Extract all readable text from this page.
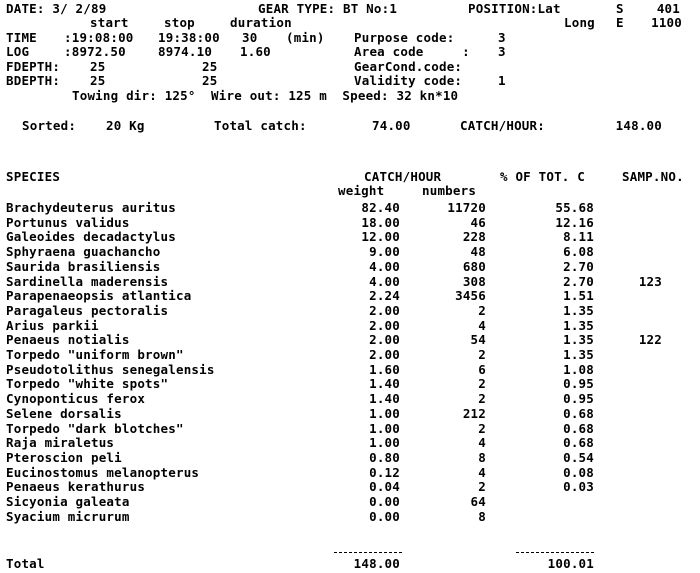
DATE: 3/ 2/89	GEAR TYPE: BT No:1	POSITION:Lat	S	401
start	stop	duration	Long E	1100
TIME :19:08:00 19:38:00 30 (min) Purpose code:	3
LOG	:8972.50	8974.10 1.60	Area code     : 3
FDEPTH: 25	25	GearCond.code:
BDEPTH: 25	25	Validity code:	1
Towing dir: 125°  Wire out: 125 m  Speed: 32 kn*10
Sorted: 20 Kg	Total catch:	74.00	CATCH/HOUR:	148.00
SPECIES	CATCH/HOUR	% OF TOT. C	SAMP.NO.
weight	numbers
Brachydeuterus auritus	82.40	11720	55.68
Portunus validus	18.00	46	12.16
Galeoides decadactylus	12.00	228	8.11
Sphyraena guachancho	9.00	48	6.08
Saurida brasiliensis	4.00	680	2.70
Sardinella maderensis	4.00	308	2.70	123
Parapenaeopsis atlantica	2.24	3456	1.51
Paragaleus pectoralis	2.00	2	1.35
Arius parkii	2.00	4	1.35
Penaeus notialis	2.00	54	1.35	122
Torpedo "uniform brown"	2.00	2	1.35
Pseudotolithus senegalensis	1.60	6	1.08
Torpedo "white spots"	1.40	2	0.95
Cynoponticus ferox	1.40	2	0.95
Selene dorsalis	1.00	212	0.68
Torpedo "dark blotches"	1.00	2	0.68
Raja miraletus	1.00	4	0.68
Pteroscion peli	0.80	8	0.54
Eucinostomus melanopterus	0.12	4	0.08
Penaeus kerathurus	0.04	2	0.03
Sicyonia galeata	0.00	64
Syacium micrurum	0.00	8
Total	148.00	100.01
